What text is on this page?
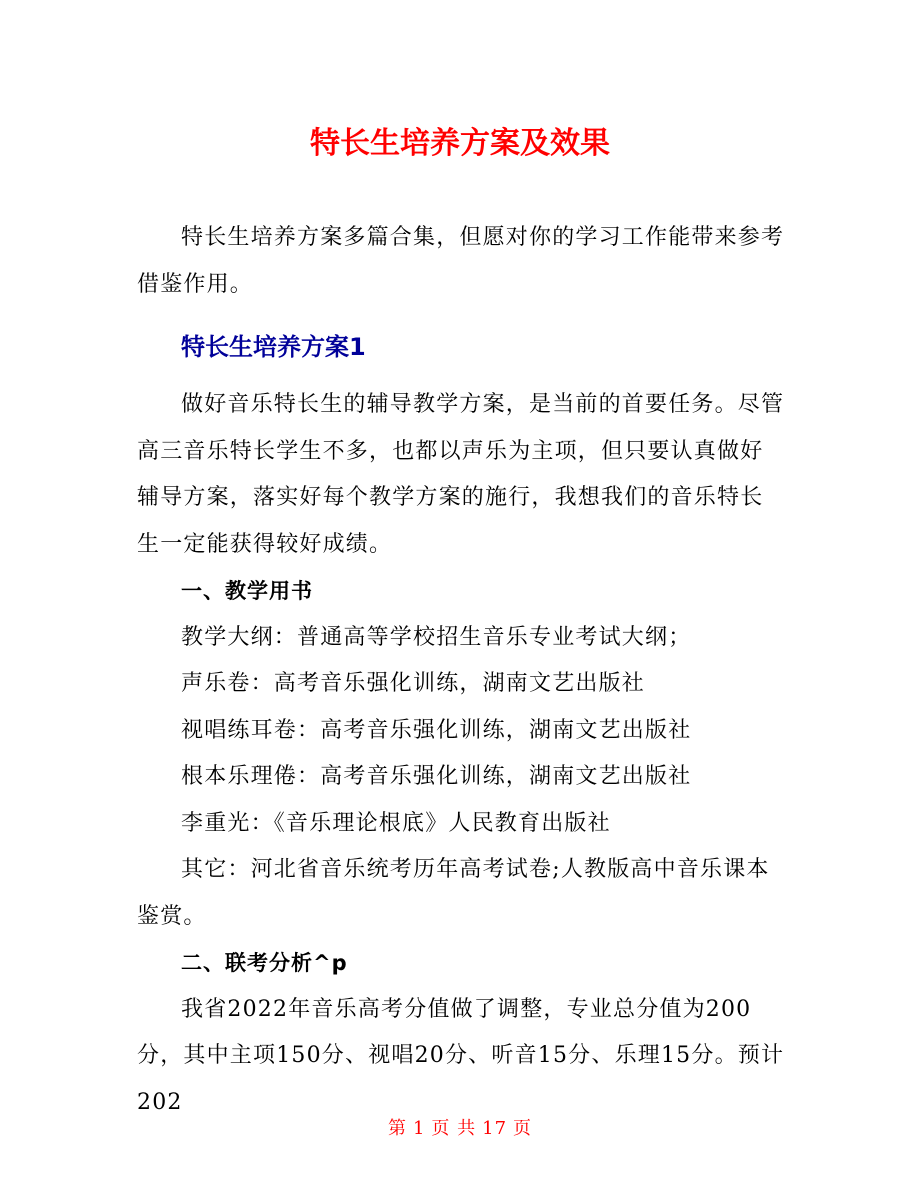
特长生培养方案及效果

特长生培养方案多篇合集，但愿对你的学习工作能带来参考借鉴作用。

特长生培养方案1

做好音乐特长生的辅导教学方案，是当前的首要任务。尽管高三音乐特长学生不多，也都以声乐为主项，但只要认真做好辅导方案，落实好每个教学方案的施行，我想我们的音乐特长生一定能获得较好成绩。

一、教学用书

教学大纲：普通高等学校招生音乐专业考试大纲；

声乐卷：高考音乐强化训练，湖南文艺出版社

视唱练耳卷：高考音乐强化训练，湖南文艺出版社

根本乐理倦：高考音乐强化训练，湖南文艺出版社

李重光：《音乐理论根底》人民教育出版社

其它：河北省音乐统考历年高考试卷;人教版高中音乐课本鉴赏。

二、联考分析^p

我省2022年音乐高考分值做了调整，专业总分值为200分，其中主项150分、视唱20分、听音15分、乐理15分。预计202

第 1 页 共 17 页
